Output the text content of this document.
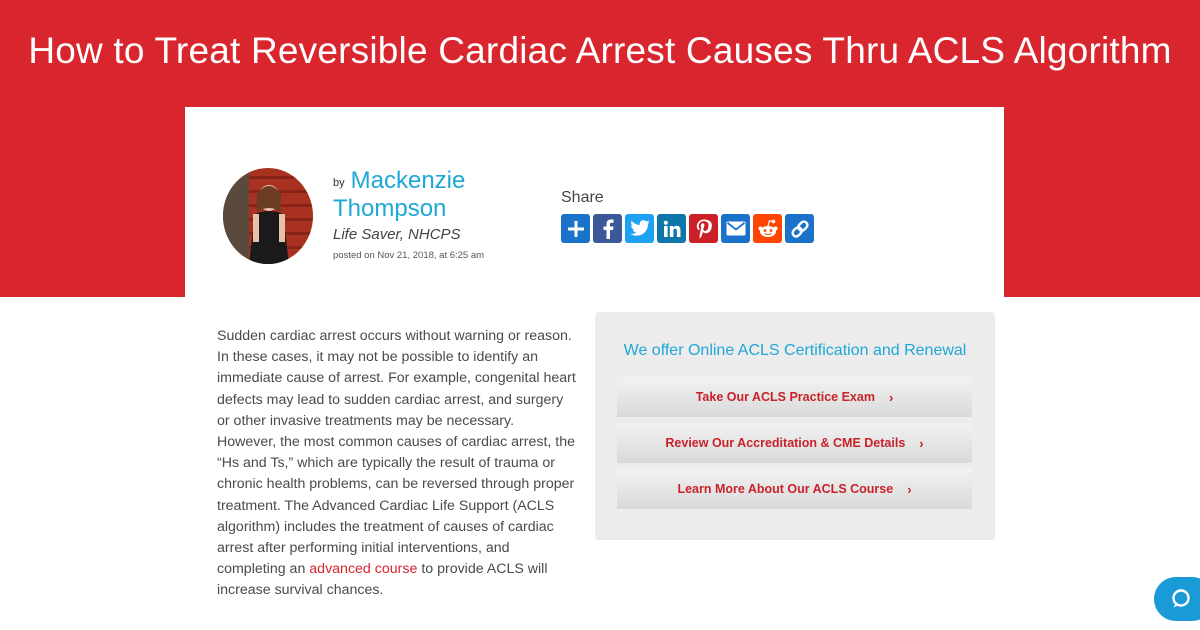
How to Treat Reversible Cardiac Arrest Causes Thru ACLS Algorithm
by Mackenzie Thompson
Life Saver, NHCPS
posted on Nov 21, 2018, at 6:25 am
Share
Sudden cardiac arrest occurs without warning or reason. In these cases, it may not be possible to identify an immediate cause of arrest. For example, congenital heart defects may lead to sudden cardiac arrest, and surgery or other invasive treatments may be necessary. However, the most common causes of cardiac arrest, the “Hs and Ts,” which are typically the result of trauma or chronic health problems, can be reversed through proper treatment. The Advanced Cardiac Life Support (ACLS algorithm) includes the treatment of causes of cardiac arrest after performing initial interventions, and completing an advanced course to provide ACLS will increase survival chances.
We offer Online ACLS Certification and Renewal
Take Our ACLS Practice Exam ›
Review Our Accreditation & CME Details ›
Learn More About Our ACLS Course ›
